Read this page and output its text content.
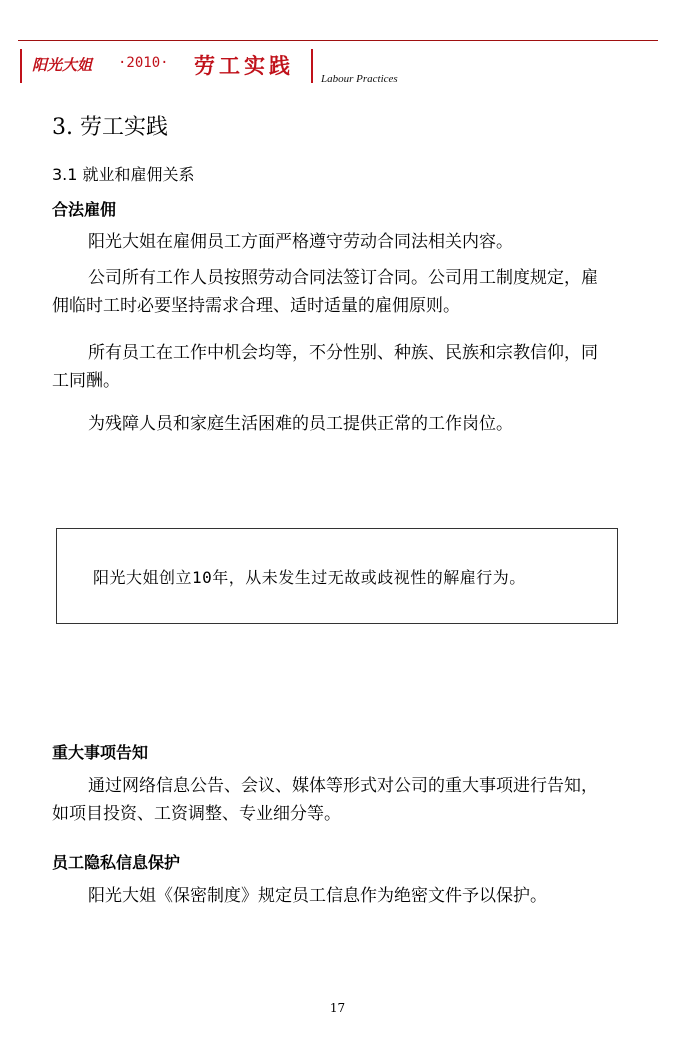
阳光大姐 ·2010· 劳工实践
Labour Practices
3. 劳工实践
3.1 就业和雇佣关系
合法雇佣
阳光大姐在雇佣员工方面严格遵守劳动合同法相关内容。
公司所有工作人员按照劳动合同法签订合同。公司用工制度规定，雇佣临时工时必要坚持需求合理、适时适量的雇佣原则。
所有员工在工作中机会均等，不分性别、种族、民族和宗教信仰，同工同酬。
为残障人员和家庭生活困难的员工提供正常的工作岗位。
阳光大姐创立10年，从未发生过无故或歧视性的解雇行为。
重大事项告知
通过网络信息公告、会议、媒体等形式对公司的重大事项进行告知，如项目投资、工资调整、专业细分等。
员工隐私信息保护
阳光大姐《保密制度》规定员工信息作为绝密文件予以保护。
17
